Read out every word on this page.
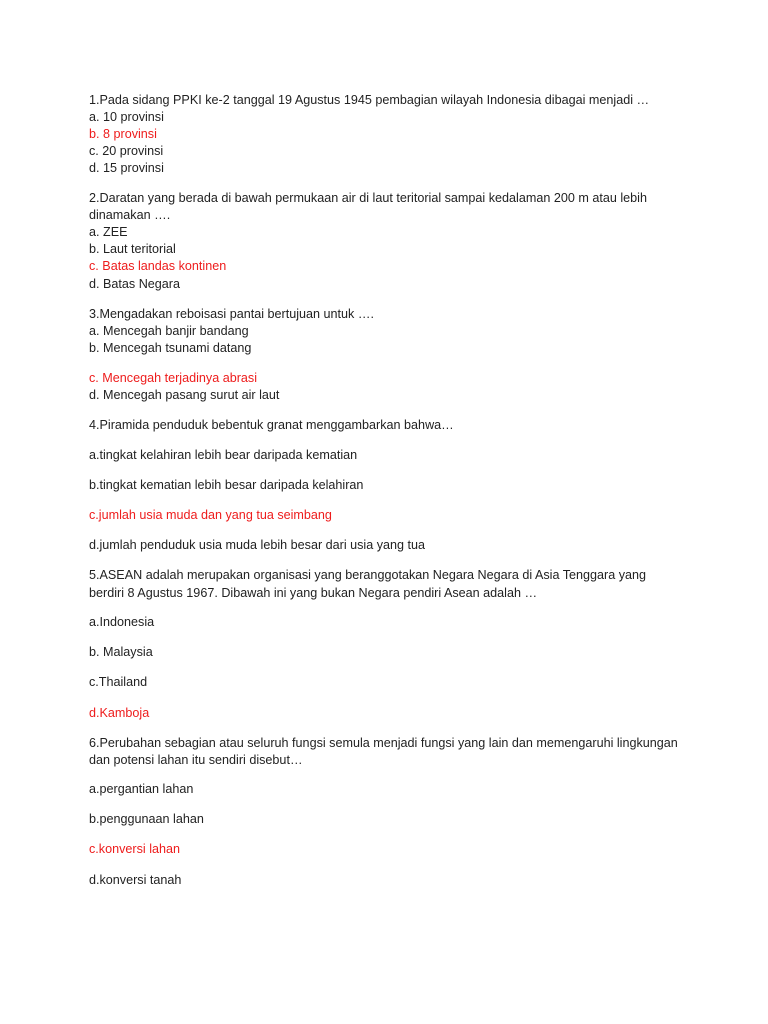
1.Pada sidang PPKI ke-2 tanggal 19 Agustus 1945 pembagian wilayah Indonesia dibagai menjadi …
a. 10 provinsi
b. 8 provinsi
c. 20 provinsi
d. 15 provinsi
2.Daratan yang berada di bawah permukaan air di laut teritorial sampai kedalaman 200 m atau lebih
dinamakan ….
a. ZEE
b. Laut teritorial
c. Batas landas kontinen
d. Batas Negara
3.Mengadakan reboisasi pantai bertujuan untuk ….
a. Mencegah banjir bandang
b. Mencegah tsunami datang
c. Mencegah terjadinya abrasi
d. Mencegah pasang surut air laut
4.Piramida penduduk bebentuk granat menggambarkan bahwa…
a.tingkat kelahiran lebih bear daripada kematian
b.tingkat kematian lebih besar daripada kelahiran
c.jumlah usia muda dan yang tua seimbang
d.jumlah penduduk usia muda lebih besar dari usia yang tua
5.ASEAN adalah merupakan organisasi yang beranggotakan Negara Negara di Asia Tenggara yang
berdiri 8 Agustus 1967. Dibawah ini yang bukan Negara pendiri Asean adalah …
a.Indonesia
b. Malaysia
c.Thailand
d.Kamboja
6.Perubahan sebagian atau seluruh fungsi semula menjadi fungsi yang lain dan memengaruhi lingkungan
dan potensi lahan itu sendiri disebut…
a.pergantian lahan
b.penggunaan lahan
c.konversi lahan
d.konversi tanah
